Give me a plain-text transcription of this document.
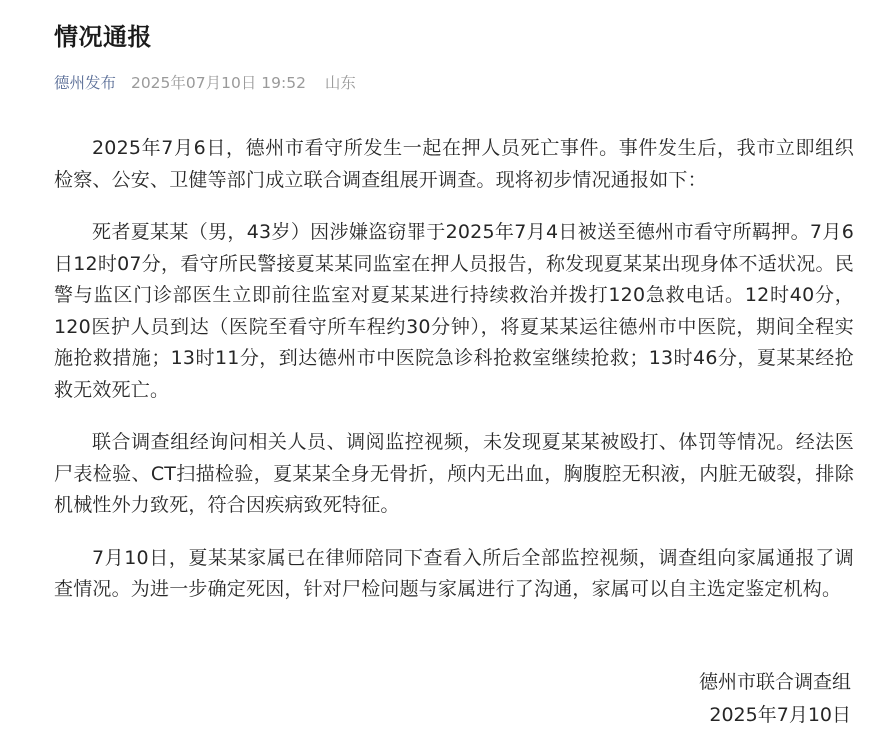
情况通报
德州发布 2025年07月10日 19:52 山东

2025年7月6日，德州市看守所发生一起在押人员死亡事件。事件发生后，我市立即组织检察、公安、卫健等部门成立联合调查组展开调查。现将初步情况通报如下：

死者夏某某（男，43岁）因涉嫌盗窃罪于2025年7月4日被送至德州市看守所羁押。7月6日12时07分，看守所民警接夏某某同监室在押人员报告，称发现夏某某出现身体不适状况。民警与监区门诊部医生立即前往监室对夏某某进行持续救治并拨打120急救电话。12时40分，120医护人员到达（医院至看守所车程约30分钟），将夏某某运往德州市中医院，期间全程实施抢救措施；13时11分，到达德州市中医院急诊科抢救室继续抢救；13时46分，夏某某经抢救无效死亡。

联合调查组经询问相关人员、调阅监控视频，未发现夏某某被殴打、体罚等情况。经法医尸表检验、CT扫描检验，夏某某全身无骨折，颅内无出血，胸腹腔无积液，内脏无破裂，排除机械性外力致死，符合因疾病致死特征。

7月10日，夏某某家属已在律师陪同下查看入所后全部监控视频，调查组向家属通报了调查情况。为进一步确定死因，针对尸检问题与家属进行了沟通，家属可以自主选定鉴定机构。

德州市联合调查组
2025年7月10日
